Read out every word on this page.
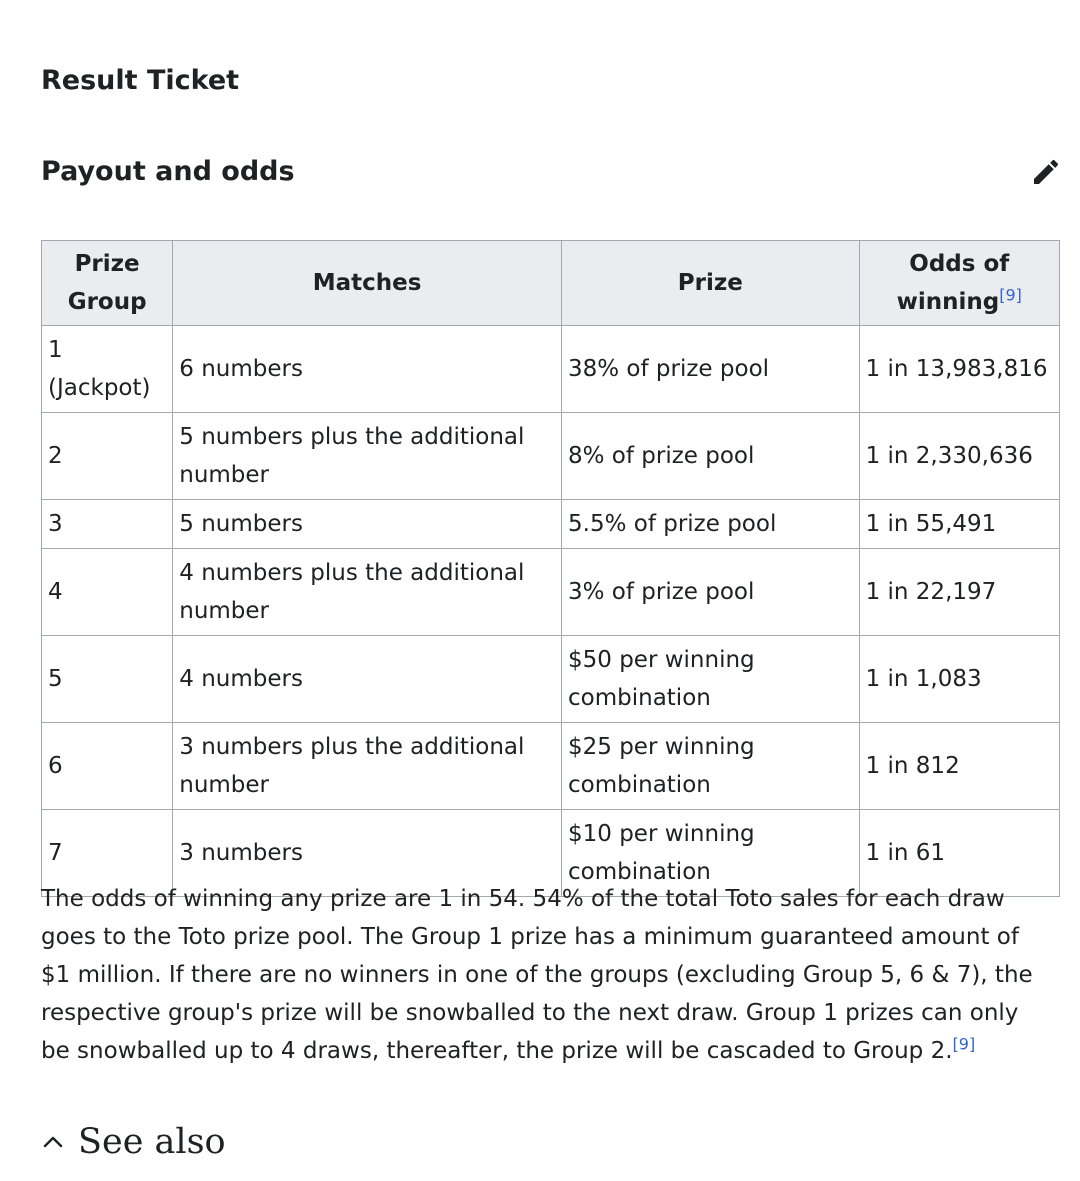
Result Ticket
Payout and odds
Prize Group	Matches	Prize	Odds of winning[9]
1 (Jackpot)	6 numbers	38% of prize pool	1 in 13,983,816
2	5 numbers plus the additional number	8% of prize pool	1 in 2,330,636
3	5 numbers	5.5% of prize pool	1 in 55,491
4	4 numbers plus the additional number	3% of prize pool	1 in 22,197
5	4 numbers	$50 per winning combination	1 in 1,083
6	3 numbers plus the additional number	$25 per winning combination	1 in 812
7	3 numbers	$10 per winning combination	1 in 61

The odds of winning any prize are 1 in 54. 54% of the total Toto sales for each draw goes to the Toto prize pool. The Group 1 prize has a minimum guaranteed amount of $1 million. If there are no winners in one of the groups (excluding Group 5, 6 & 7), the respective group's prize will be snowballed to the next draw. Group 1 prizes can only be snowballed up to 4 draws, thereafter, the prize will be cascaded to Group 2.[9]

See also
